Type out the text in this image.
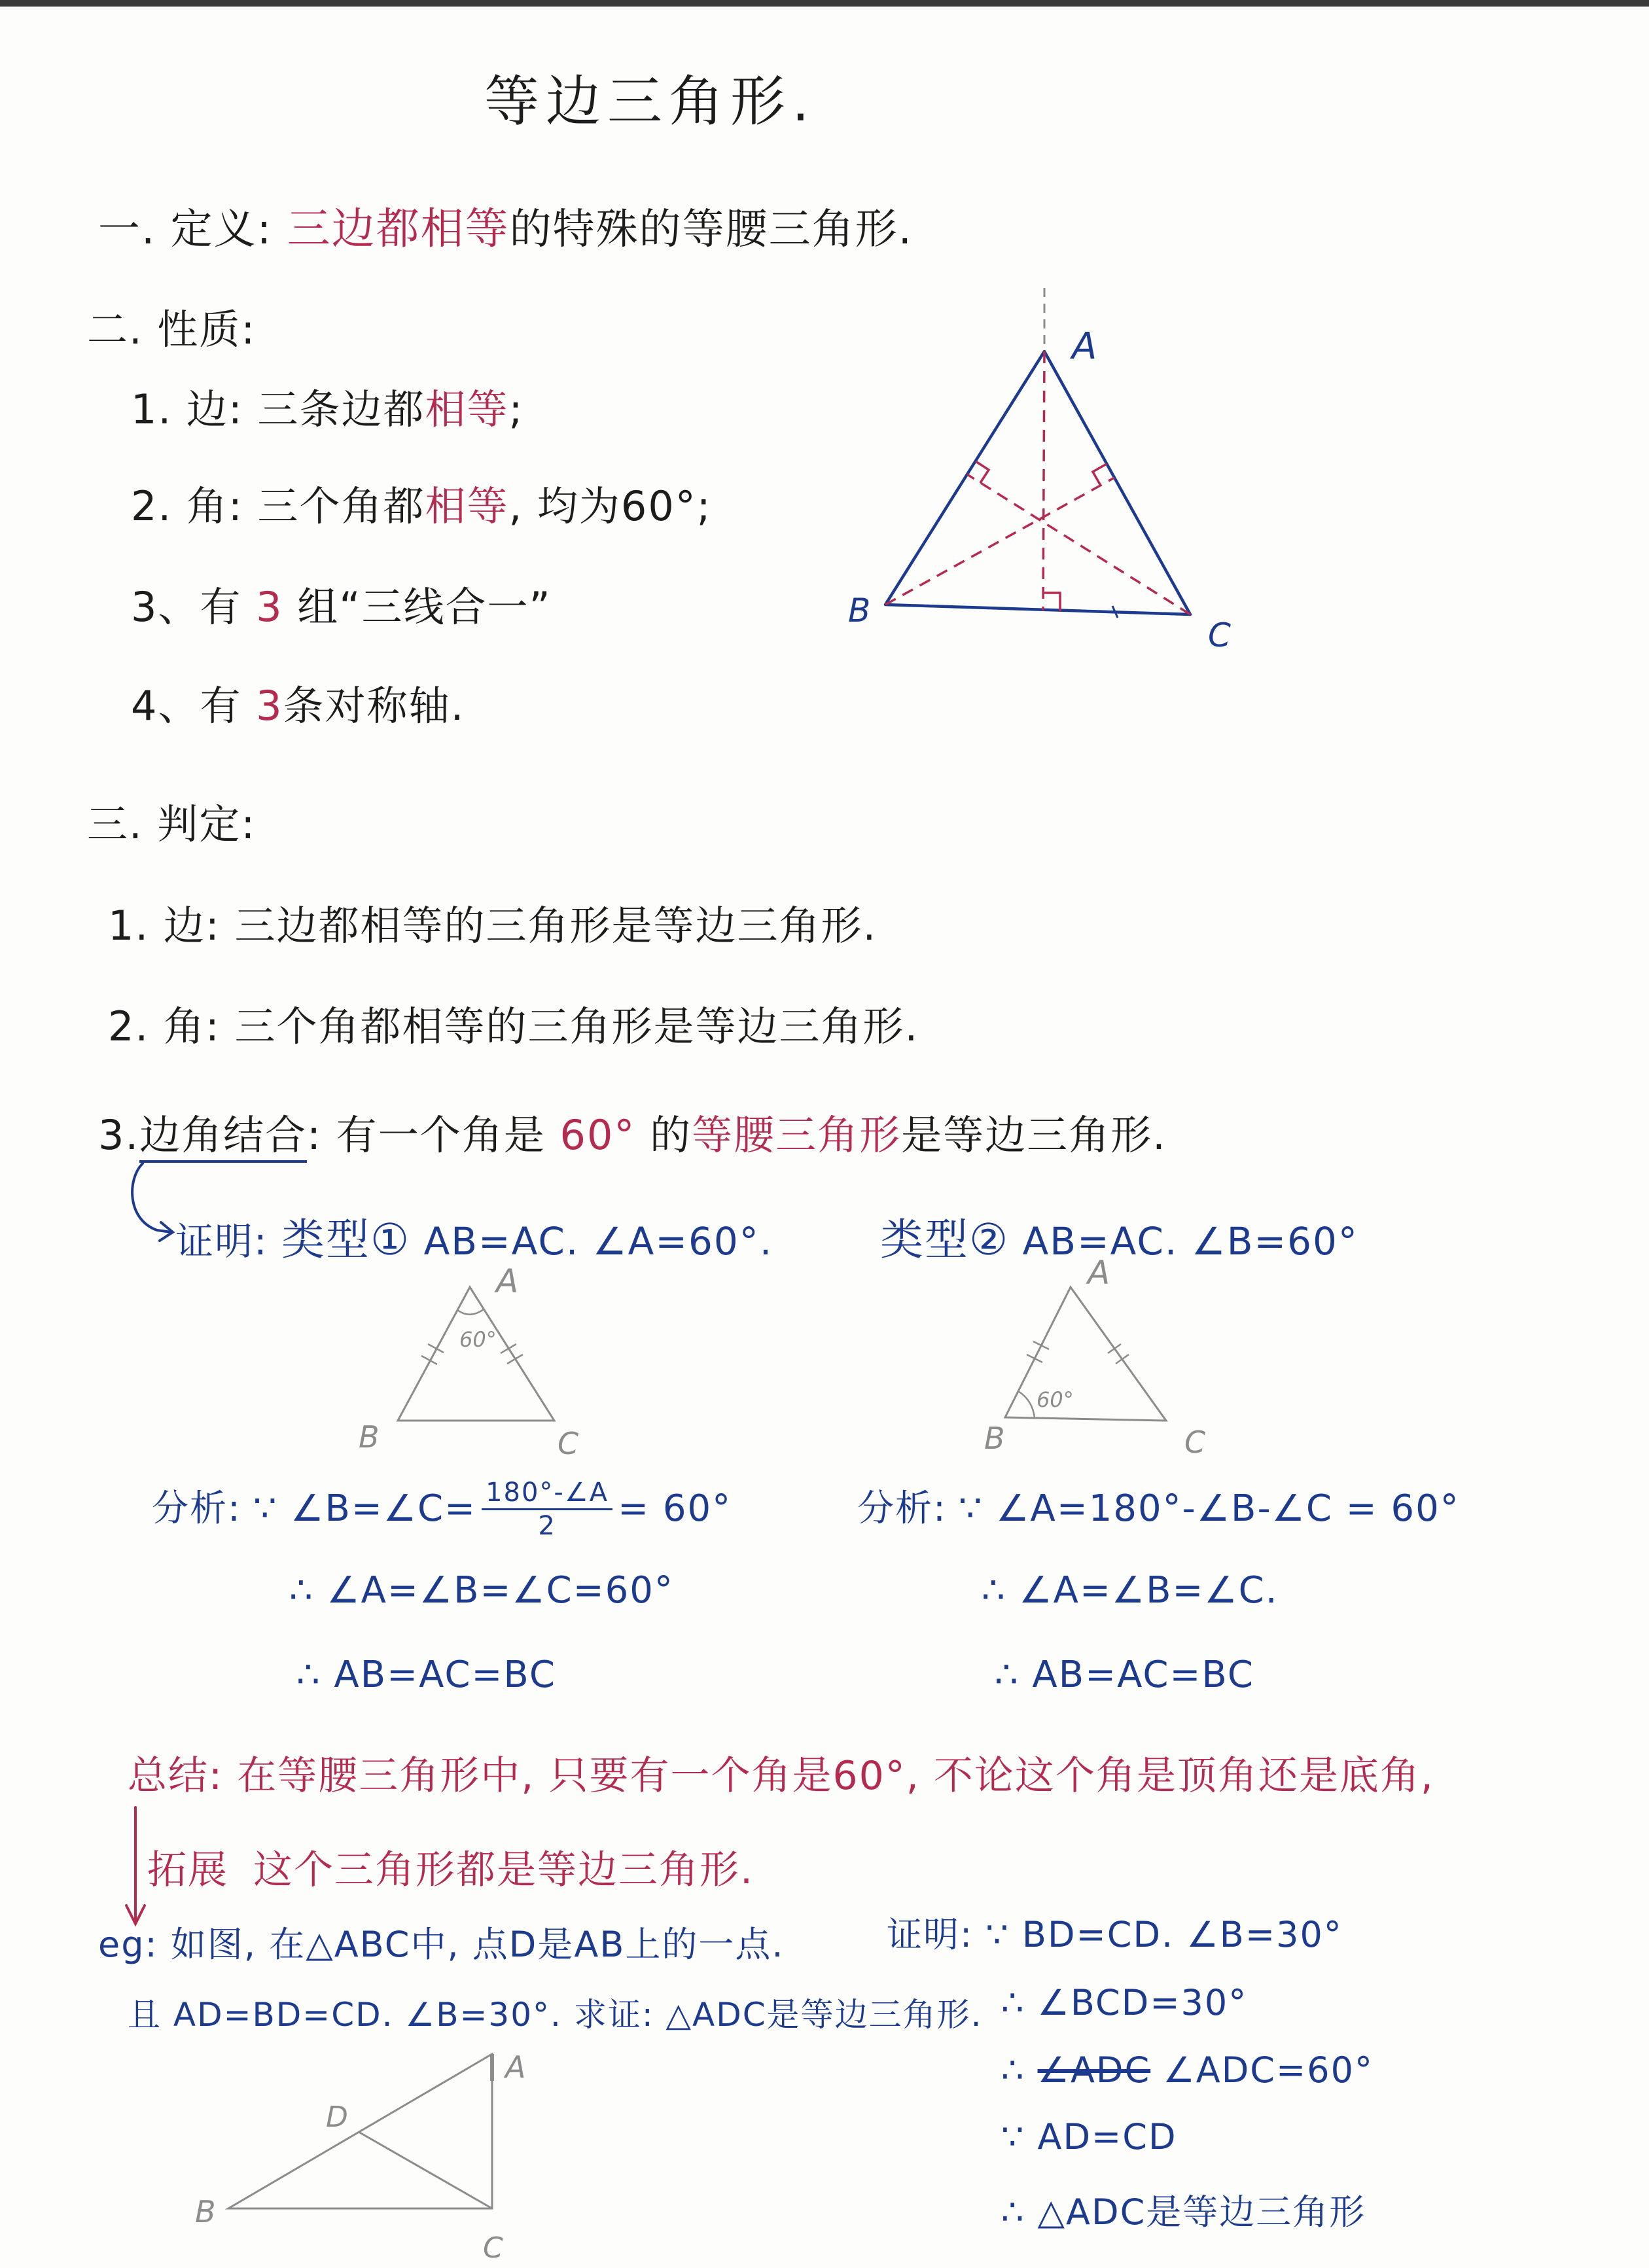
A
B
C
60°
A
B	C
60°
A
B	C
A
B
C
D
等边三角形.
一. 定义: 三边都相等的特殊的等腰三角形.
二. 性质:
1. 边: 三条边都相等;
2. 角: 三个角都相等, 均为60°;
3、有 3 组“三线合一”
4、有 3条对称轴.
三. 判定:
1. 边: 三边都相等的三角形是等边三角形.
2. 角: 三个角都相等的三角形是等边三角形.
3.边角结合: 有一个角是 60° 的等腰三角形是等边三角形.
证明: 类型① AB=AC. ∠A=60°. 类型② AB=AC. ∠B=60°
分析: ∵ ∠B=∠C= $\frac{180^\circ-\angle A}{2} = 60^\circ$
∴ ∠A=∠B=∠C=60°
∴ AB=AC=BC
分析: ∵ ∠A=180°-∠B-∠C = 60°
∴ ∠A=∠B=∠C.
∴ AB=AC=BC
总结: 在等腰三角形中, 只要有一个角是60°, 不论这个角是顶角还是底角,
拓展 这个三角形都是等边三角形.
eg: 如图, 在△ABC中, 点D是AB上的一点.
且 AD=BD=CD. ∠B=30°. 求证: △ADC是等边三角形.
证明: ∵ BD=CD. ∠B=30°
∴ ∠BCD=30°
∴ ∠ADC ∠ADC=60°
∵ AD=CD
∴ △ADC是等边三角形
